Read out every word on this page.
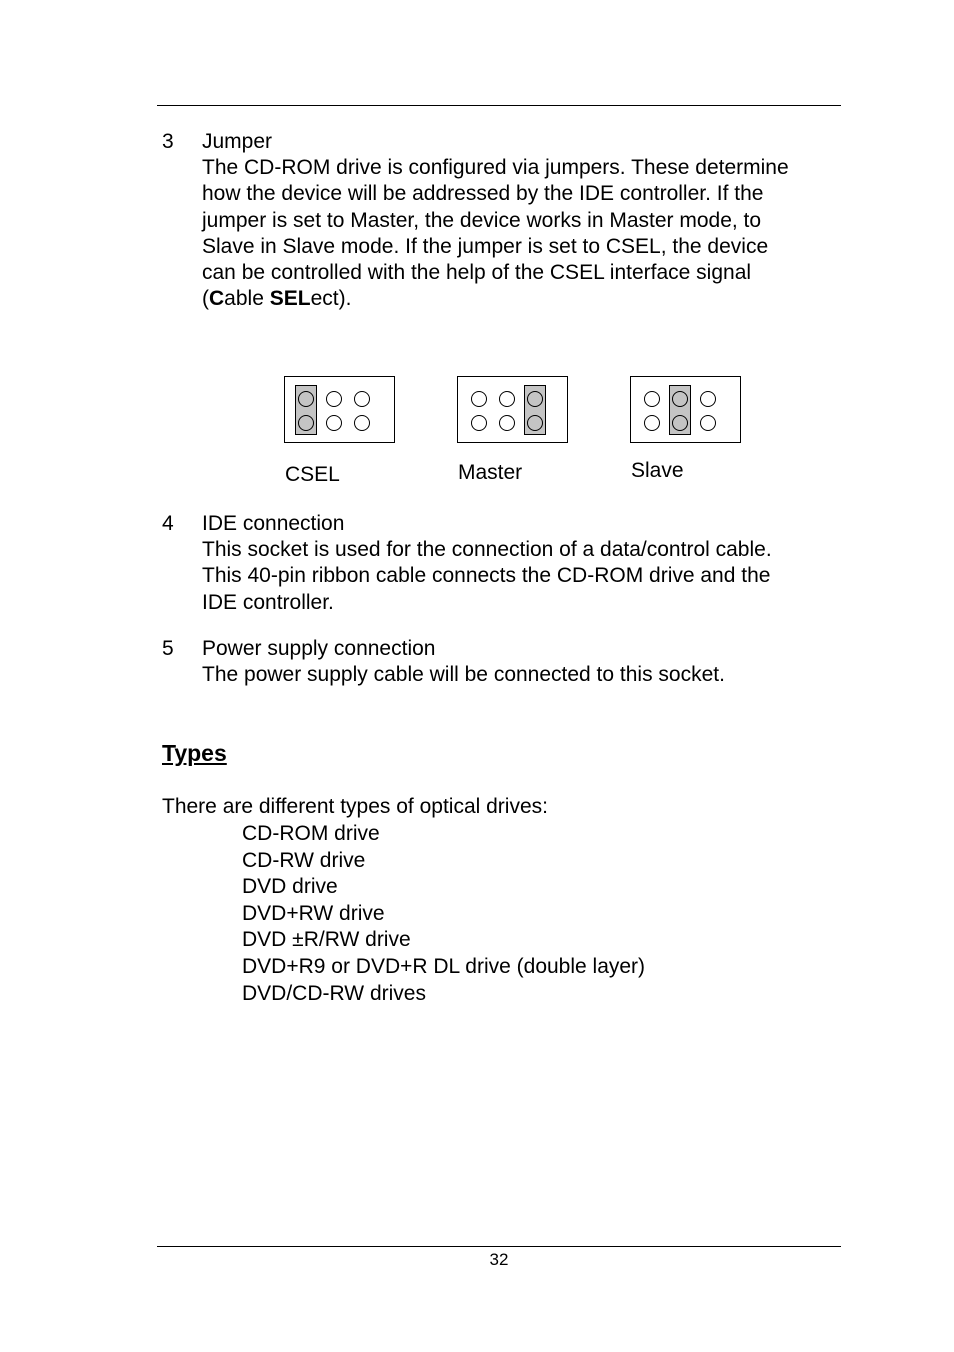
3 Jumper

The CD-ROM drive is configured via jumpers. These determine

how the device will be addressed by the IDE controller. If the

jumper is set to Master, the device works in Master mode, to

Slave in Slave mode. If the jumper is set to CSEL, the device

can be controlled with the help of the CSEL interface signal

(Cable SELect).

CSEL	Master	Slave
4 IDE connection

This socket is used for the connection of a data/control cable.

This 40-pin ribbon cable connects the CD-ROM drive and the

IDE controller.

5 Power supply connection

The power supply cable will be connected to this socket.

Types
There are different types of optical drives:
CD-ROM drive
CD-RW drive
DVD drive
DVD+RW drive
DVD ±R/RW drive
DVD+R9 or DVD+R DL drive (double layer)
DVD/CD-RW drives
32
